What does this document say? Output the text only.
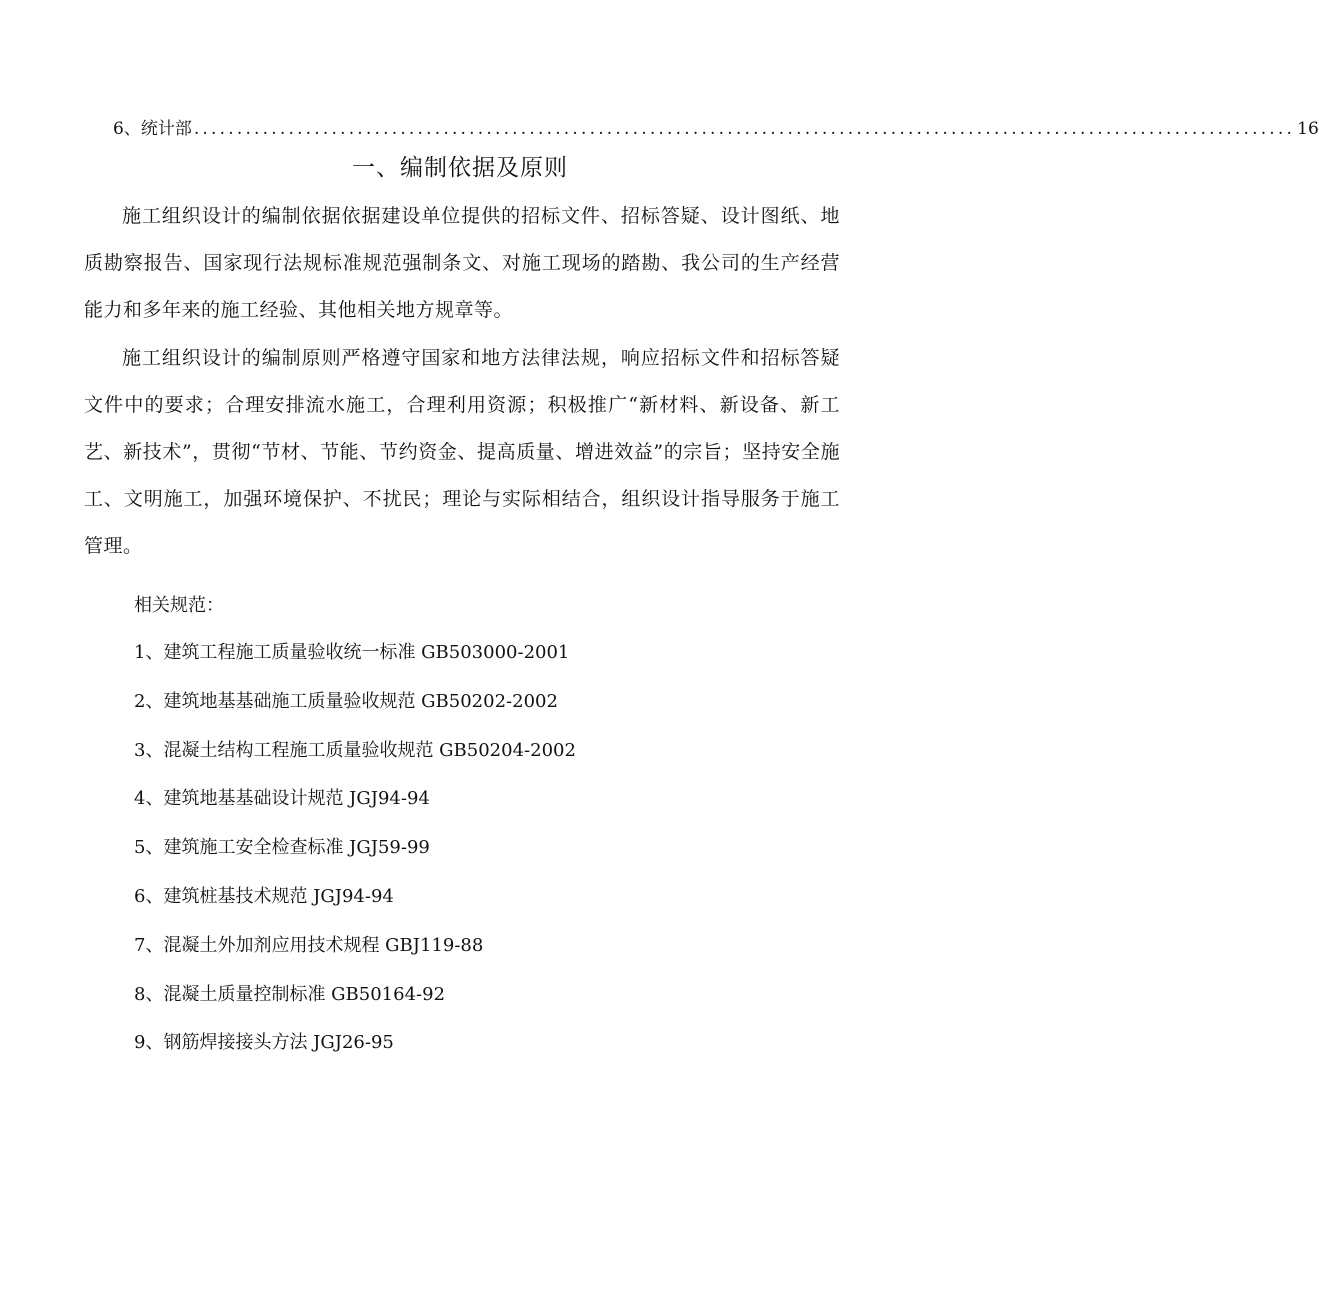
6、统计部 ................................................................................................................................ 16
一、编制依据及原则

施工组织设计的编制依据依据建设单位提供的招标文件、招标答疑、设计图纸、地质勘察报告、国家现行法规标准规范强制条文、对施工现场的踏勘、我公司的生产经营能力和多年来的施工经验、其他相关地方规章等。

施工组织设计的编制原则严格遵守国家和地方法律法规，响应招标文件和招标答疑文件中的要求；合理安排流水施工，合理利用资源；积极推广“新材料、新设备、新工艺、新技术”，贯彻“节材、节能、节约资金、提高质量、增进效益”的宗旨；坚持安全施工、文明施工，加强环境保护、不扰民；理论与实际相结合，组织设计指导服务于施工管理。

相关规范：

1、建筑工程施工质量验收统一标准 GB503000-2001
2、建筑地基基础施工质量验收规范 GB50202-2002
3、混凝土结构工程施工质量验收规范 GB50204-2002
4、建筑地基基础设计规范 JGJ94-94
5、建筑施工安全检查标准 JGJ59-99
6、建筑桩基技术规范 JGJ94-94
7、混凝土外加剂应用技术规程 GBJ119-88
8、混凝土质量控制标准 GB50164-92
9、钢筋焊接接头方法 JGJ26-95
